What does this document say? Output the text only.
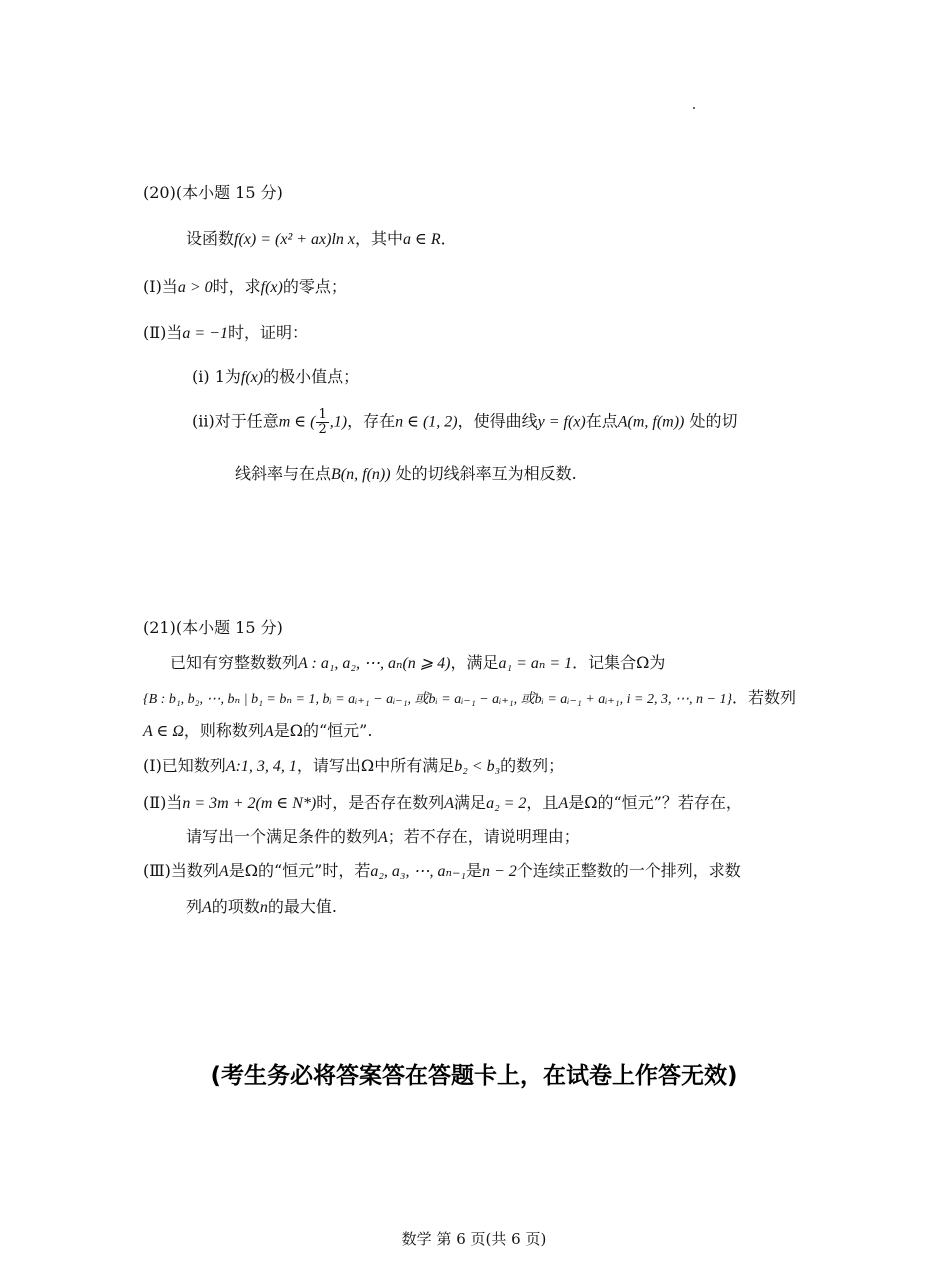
(20)(本小题 15 分)
设函数f(x) = (x² + ax)ln x，其中a ∈ R．
(Ⅰ)当a > 0时，求f(x)的零点；
(Ⅱ)当a = −1时，证明：
(i) 1为f(x)的极小值点；
(ii)对于任意m ∈ ( $\frac{1}{2} ,1$)，存在n ∈ (1, 2)，使得曲线y = f(x)在点A(m, f(m)) 处的切
线斜率与在点B(n, f(n)) 处的切线斜率互为相反数.
(21)(本小题 15 分)
已知有穷整数数列A : a₁, a₂, ⋯, aₙ(n ⩾ 4)，满足a₁ = aₙ = 1．记集合Ω为
{B : b₁, b₂, ⋯, bₙ | b₁ = bₙ = 1, bᵢ = aᵢ₊₁ − aᵢ₋₁, 或bᵢ = aᵢ₋₁ − aᵢ₊₁, 或bᵢ = aᵢ₋₁ + aᵢ₊₁, i = 2, 3, ⋯, n − 1}．若数列
A ∈ Ω，则称数列A是Ω的“恒元”.
(Ⅰ)已知数列A:1, 3, 4, 1，请写出Ω中所有满足b₂ < b₃的数列；
(Ⅱ)当n = 3m + 2(m ∈ N*)时，是否存在数列A满足a₂ = 2，且A是Ω的“恒元”？若存在，
请写出一个满足条件的数列A；若不存在，请说明理由；
(Ⅲ)当数列A是Ω的“恒元”时，若a₂, a₃, ⋯, aₙ₋₁是n − 2个连续正整数的一个排列，求数
列A的项数n的最大值.
(考生务必将答案答在答题卡上，在试卷上作答无效)
数学 第 6 页(共 6 页)
